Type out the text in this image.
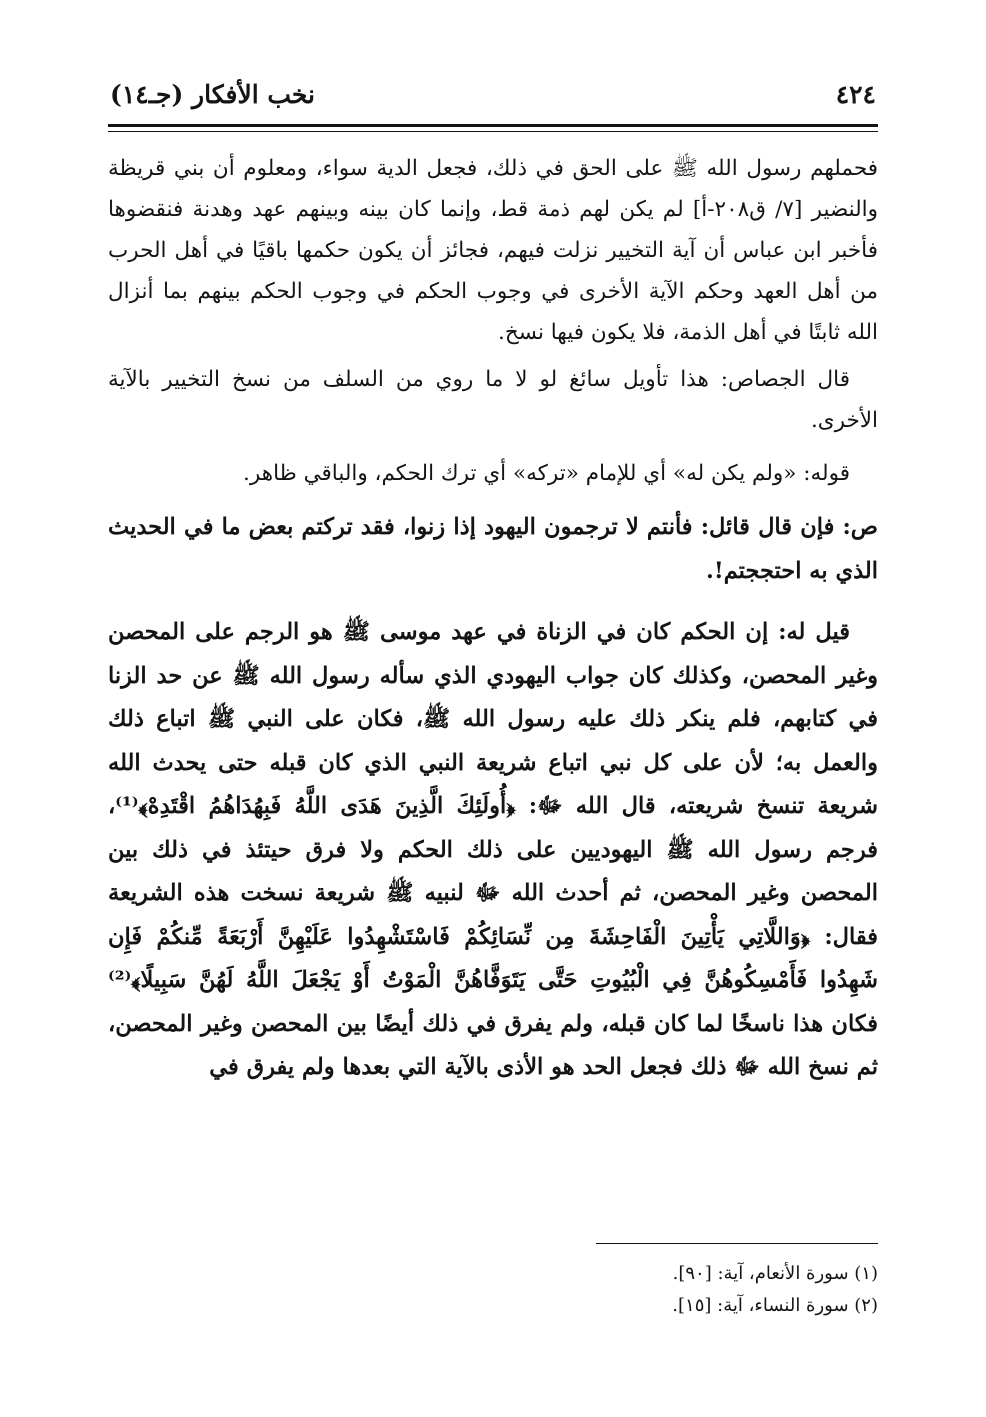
٤٢٤
نخب الأفكار (جـ١٤)

فحملهم رسول الله ﷺ على الحق في ذلك، فجعل الدية سواء، ومعلوم أن بني قريظة والنضير [٧/ ق٢٠٨-أ] لم يكن لهم ذمة قط، وإنما كان بينه وبينهم عهد وهدنة فنقضوها فأخبر ابن عباس أن آية التخيير نزلت فيهم، فجائز أن يكون حكمها باقيًا في أهل الحرب من أهل العهد وحكم الآية الأخرى في وجوب الحكم في وجوب الحكم بينهم بما أنزال الله ثابتًا في أهل الذمة، فلا يكون فيها نسخ.

قال الجصاص: هذا تأويل سائغ لو لا ما روي من السلف من نسخ التخيير بالآية الأخرى.

قوله: «ولم يكن له» أي للإمام «تركه» أي ترك الحكم، والباقي ظاهر.

ص: فإن قال قائل: فأنتم لا ترجمون اليهود إذا زنوا، فقد تركتم بعض ما في الحديث الذي به احتججتم!.

قيل له: إن الحكم كان في الزناة في عهد موسى ﷺ هو الرجم على المحصن وغير المحصن، وكذلك كان جواب اليهودي الذي سأله رسول الله ﷺ عن حد الزنا في كتابهم، فلم ينكر ذلك عليه رسول الله ﷺ، فكان على النبي ﷺ اتباع ذلك والعمل به؛ لأن على كل نبي اتباع شريعة النبي الذي كان قبله حتى يحدث الله شريعة تنسخ شريعته، قال الله ﷻ: ﴿أُولَئِكَ الَّذِينَ هَدَى اللَّهُ فَبِهُدَاهُمُ اقْتَدِهْ﴾⁽¹⁾، فرجم رسول الله ﷺ اليهوديين على ذلك الحكم ولا فرق حيتئذ في ذلك بين المحصن وغير المحصن، ثم أحدث الله ﷻ لنبيه ﷺ شريعة نسخت هذه الشريعة فقال: ﴿وَاللَّاتِي يَأْتِينَ الْفَاحِشَةَ مِن نِّسَائِكُمْ فَاسْتَشْهِدُوا عَلَيْهِنَّ أَرْبَعَةً مِّنكُمْ فَإِن شَهِدُوا فَأَمْسِكُوهُنَّ فِي الْبُيُوتِ حَتَّى يَتَوَفَّاهُنَّ الْمَوْتُ أَوْ يَجْعَلَ اللَّهُ لَهُنَّ سَبِيلًا﴾⁽²⁾ فكان هذا ناسخًا لما كان قبله، ولم يفرق في ذلك أيضًا بين المحصن وغير المحصن، ثم نسخ الله ﷻ ذلك فجعل الحد هو الأذى بالآية التي بعدها ولم يفرق في

(١) سورة الأنعام، آية: [٩٠].

(٢) سورة النساء، آية: [١٥].
